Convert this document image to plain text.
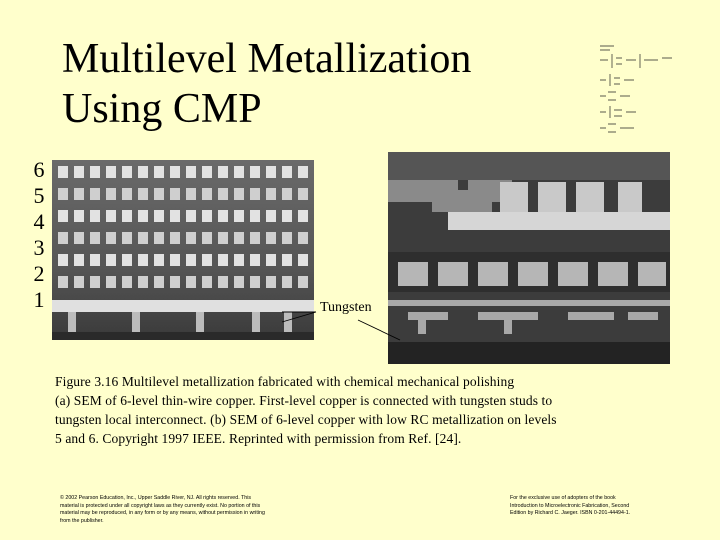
Multilevel Metallization
Using CMP
6
5
4
3
2
1	Tungsten
Figure 3.16 Multilevel metallization fabricated with chemical mechanical polishing
(a) SEM of 6-level thin-wire copper. First-level copper is connected with tungsten studs to
tungsten local interconnect. (b) SEM of 6-level copper with low RC metallization on levels
5 and 6. Copyright 1997 IEEE. Reprinted with permission from Ref. [24].
© 2002 Pearson Education, Inc., Upper Saddle River, NJ. All rights reserved. This
material is protected under all copyright laws as they currently exist. No portion of this
material may be reproduced, in any form or by any means, without permission in writing
from the publisher.
For the exclusive use of adopters of the book
Introduction to Microelectronic Fabrication, Second
Edition by Richard C. Jaeger. ISBN 0-201-44494-1.
